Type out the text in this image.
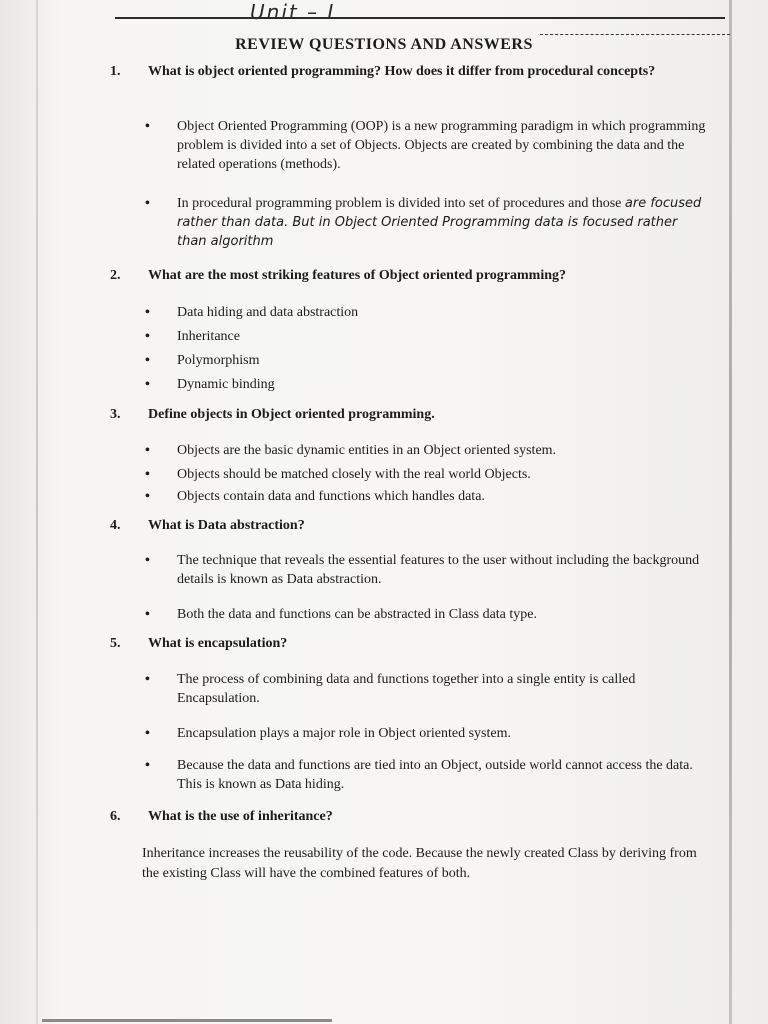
Unit – I
REVIEW QUESTIONS AND ANSWERS
1.	What is object oriented programming? How does it differ from procedural concepts?
• Object Oriented Programming (OOP) is a new programming paradigm in which programming problem is divided into a set of Objects. Objects are created by combining the data and the related operations (methods).
• In procedural programming problem is divided into set of procedures and those are focused rather than data. But in Object Oriented Programming data is focused rather than algorithm
2.	What are the most striking features of Object oriented programming?
• Data hiding and data abstraction
• Inheritance
• Polymorphism
• Dynamic binding
3.	Define objects in Object oriented programming.
• Objects are the basic dynamic entities in an Object oriented system.
• Objects should be matched closely with the real world Objects.
• Objects contain data and functions which handles data.
4.	What is Data abstraction?
• The technique that reveals the essential features to the user without including the background details is known as Data abstraction.
• Both the data and functions can be abstracted in Class data type.
5.	What is encapsulation?
• The process of combining data and functions together into a single entity is called Encapsulation.
• Encapsulation plays a major role in Object oriented system.
• Because the data and functions are tied into an Object, outside world cannot access the data. This is known as Data hiding.
6.	What is the use of inheritance?
Inheritance increases the reusability of the code. Because the newly created Class by deriving from the existing Class will have the combined features of both.
